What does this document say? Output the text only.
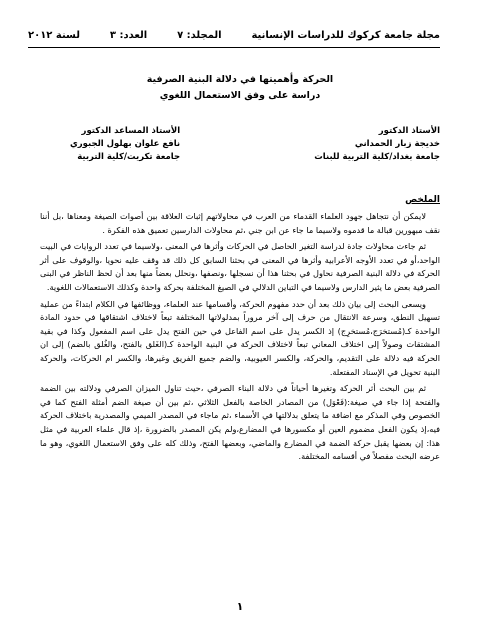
مجلة جامعة كركوك للدراسات الإنسانية
المجلد: ٧
العدد: ٣
لسنة ٢٠١٢
الحركة وأهميتها في دلالة البنية الصرفية
دراسة على وفق الاستعمال اللغوي
الأستاذ الدكتور
خديجة زبار الحمداني
جامعة بغداد/كلية التربية للبنات
الأستاذ المساعد الدكتور
نافع علوان بهلول الجبوري
جامعة تكريت/كلية التربية
الملخص

لايمكن أن نتجاهل جهود العلماء القدماء من العرب في محاولاتهم إثبات العلاقة بين أصوات الصيغة ومعناها ،بل أننا نقف مبهورين قبالة ما قدموه ولاسيما ما جاء عن ابن جني ،ثم محاولات الدارسين تعميق هذه الفكرة .

ثم جاءت محاولات جادة لدراسة التغير الحاصل في الحركات وأثرها في المعنى ،ولاسيما في تعدد الروايات في البيت الواحد،أو في تعدد الأوجه الأعرابية وأثرها في المعنى في بحثنا السابق كل ذلك قد وقف عليه نحويا ،والوقوف على أثر الحركة في دلالة البنية الصرفية نحاول في بحثنا هذا أن نسجلها ،ونصفها ،ونحلل بعضاً منها بعد أن لحظ الناظر في البنى الصرفية بعض ما يثير الدارس ولاسيما في التباين الدلالي في الصيغ المختلفة بحركة واحدة وكذلك الاستعمالات اللغوية.

ويسعى البحث إلى بيان ذلك بعد أن حدد مفهوم الحركة، وأقسامها عند العلماء، ووظائفها في الكلام ابتداءً من عملية تسهيل النطق، وسرعة الانتقال من حرف إلى آخر مروراً بمدلولاتها المختلفة تبعاً لاختلاف اشتقاقها في حدود المادة الواحدة كـ(مُستخرَج،مُستخرِج) إذ الكسر يدل على اسم الفاعل في حين الفتح يدل على اسم المفعول وكذا في بقية المشتقات وصولاً إلى اختلاف المعاني تبعاً لاختلاف الحركة في البنية الواحدة كـ(الغَلق بالفتح، والغُلق بالضم) إلى ان الحركة فيه دلالة على التقديم، والحركة، والكسر العيوبية، والضم جميع الفريق وغيرها، والكسر ام الحركات، والحركة البنية تحويل في الإسناد المفتعلة.

ثم بين البحث أثر الحركة وتغيرها أحياناً في دلالة البناء الصرفي ،حيث تناول الميزان الصرفي ودلالته بين الضمة والفتحة إذا جاء في صيغة:(فَعْوَل) من المصادر الخاصة بالفعل الثلاثي ،ثم بين أن صيغة الضم أمثلة الفتح كما في الخصوص وفي المذكر مع اضافة ما يتعلق بدلالتها في الأسماء ،ثم ماجاء في المصدر الميمي والمصدرية باختلاف الحركة فيه،إذ يكون الفعل مضموم العين أو مكسورها في المضارع،ولم يكن المصدر بالضرورة ،إذ قال علماء العربية في مثل هذا: إن بعضها يقبل حركة الضمة في المضارع والماضي، وبعضها الفتح، وذلك كله على وفق الاستعمال اللغوي، وهو ما عرضه البحث مفصلاً في أقسامه المختلفة.

١
